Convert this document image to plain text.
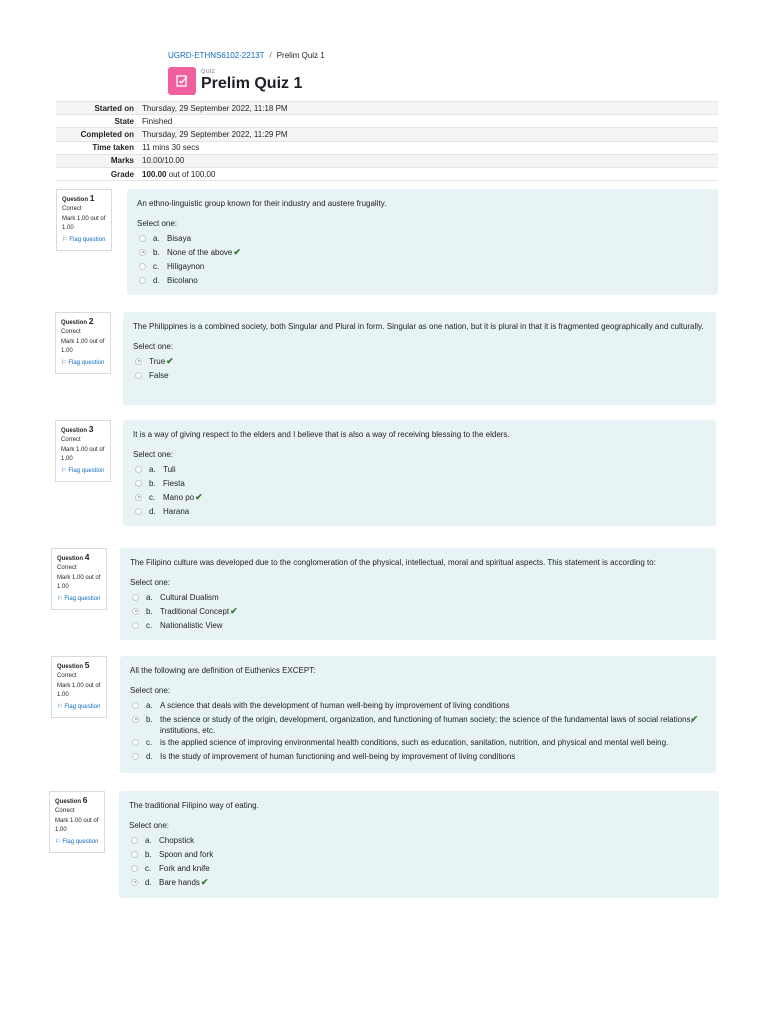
UGRD-ETHNS6102-2213T / Prelim Quiz 1
QUIZ
Prelim Quiz 1
Started on	Thursday, 29 September 2022, 11:18 PM
State	Finished
Completed on	Thursday, 29 September 2022, 11:29 PM
Time taken	11 mins 30 secs
Marks	10.00/10.00
Grade	100.00 out of 100.00
Question 1
Correct
Mark 1.00 out of 1.00
⚐ Flag question
An ethno-linguistic group known for their industry and austere frugality.
Select one:
a. Bisaya
b. None of the above✔
c. Hiligaynon
d. Bicolano
Question 2
Correct
Mark 1.00 out of 1.00
⚐ Flag question
The Philippines is a combined society, both Singular and Plural in form. Singular as one nation, but it is plural in that it is fragmented geographically and culturally.
Select one:
True✔
False
Question 3
Correct
Mark 1.00 out of 1.00
⚐ Flag question
It is a way of giving respect to the elders and I believe that is also a way of receiving blessing to the elders.
Select one:
a. Tuli
b. Fiesta
c. Mano po✔
d. Harana
Question 4
Correct
Mark 1.00 out of 1.00
⚐ Flag question
The Filipino culture was developed due to the conglomeration of the physical, intellectual, moral and spiritual aspects. This statement is according to:
Select one:
a. Cultural Dualism
b. Traditional Concept✔
c. Nationalistic View
Question 5
Correct
Mark 1.00 out of 1.00
⚐ Flag question
All the following are definition of Euthenics EXCEPT:
Select one:
a. A science that deals with the development of human well-being by improvement of living conditions
b. the science or study of the origin, development, organization, and functioning of human society; the science of the fundamental laws of social relations, institutions, etc.
✔
c. is the applied science of improving environmental health conditions, such as education, sanitation, nutrition, and physical and mental well being.
d. Is the study of improvement of human functioning and well-being by improvement of living conditions
Question 6
Correct
Mark 1.00 out of 1.00
⚐ Flag question
The traditional Filipino way of eating.
Select one:
a. Chopstick
b. Spoon and fork
c. Fork and knife
d. Bare hands✔
